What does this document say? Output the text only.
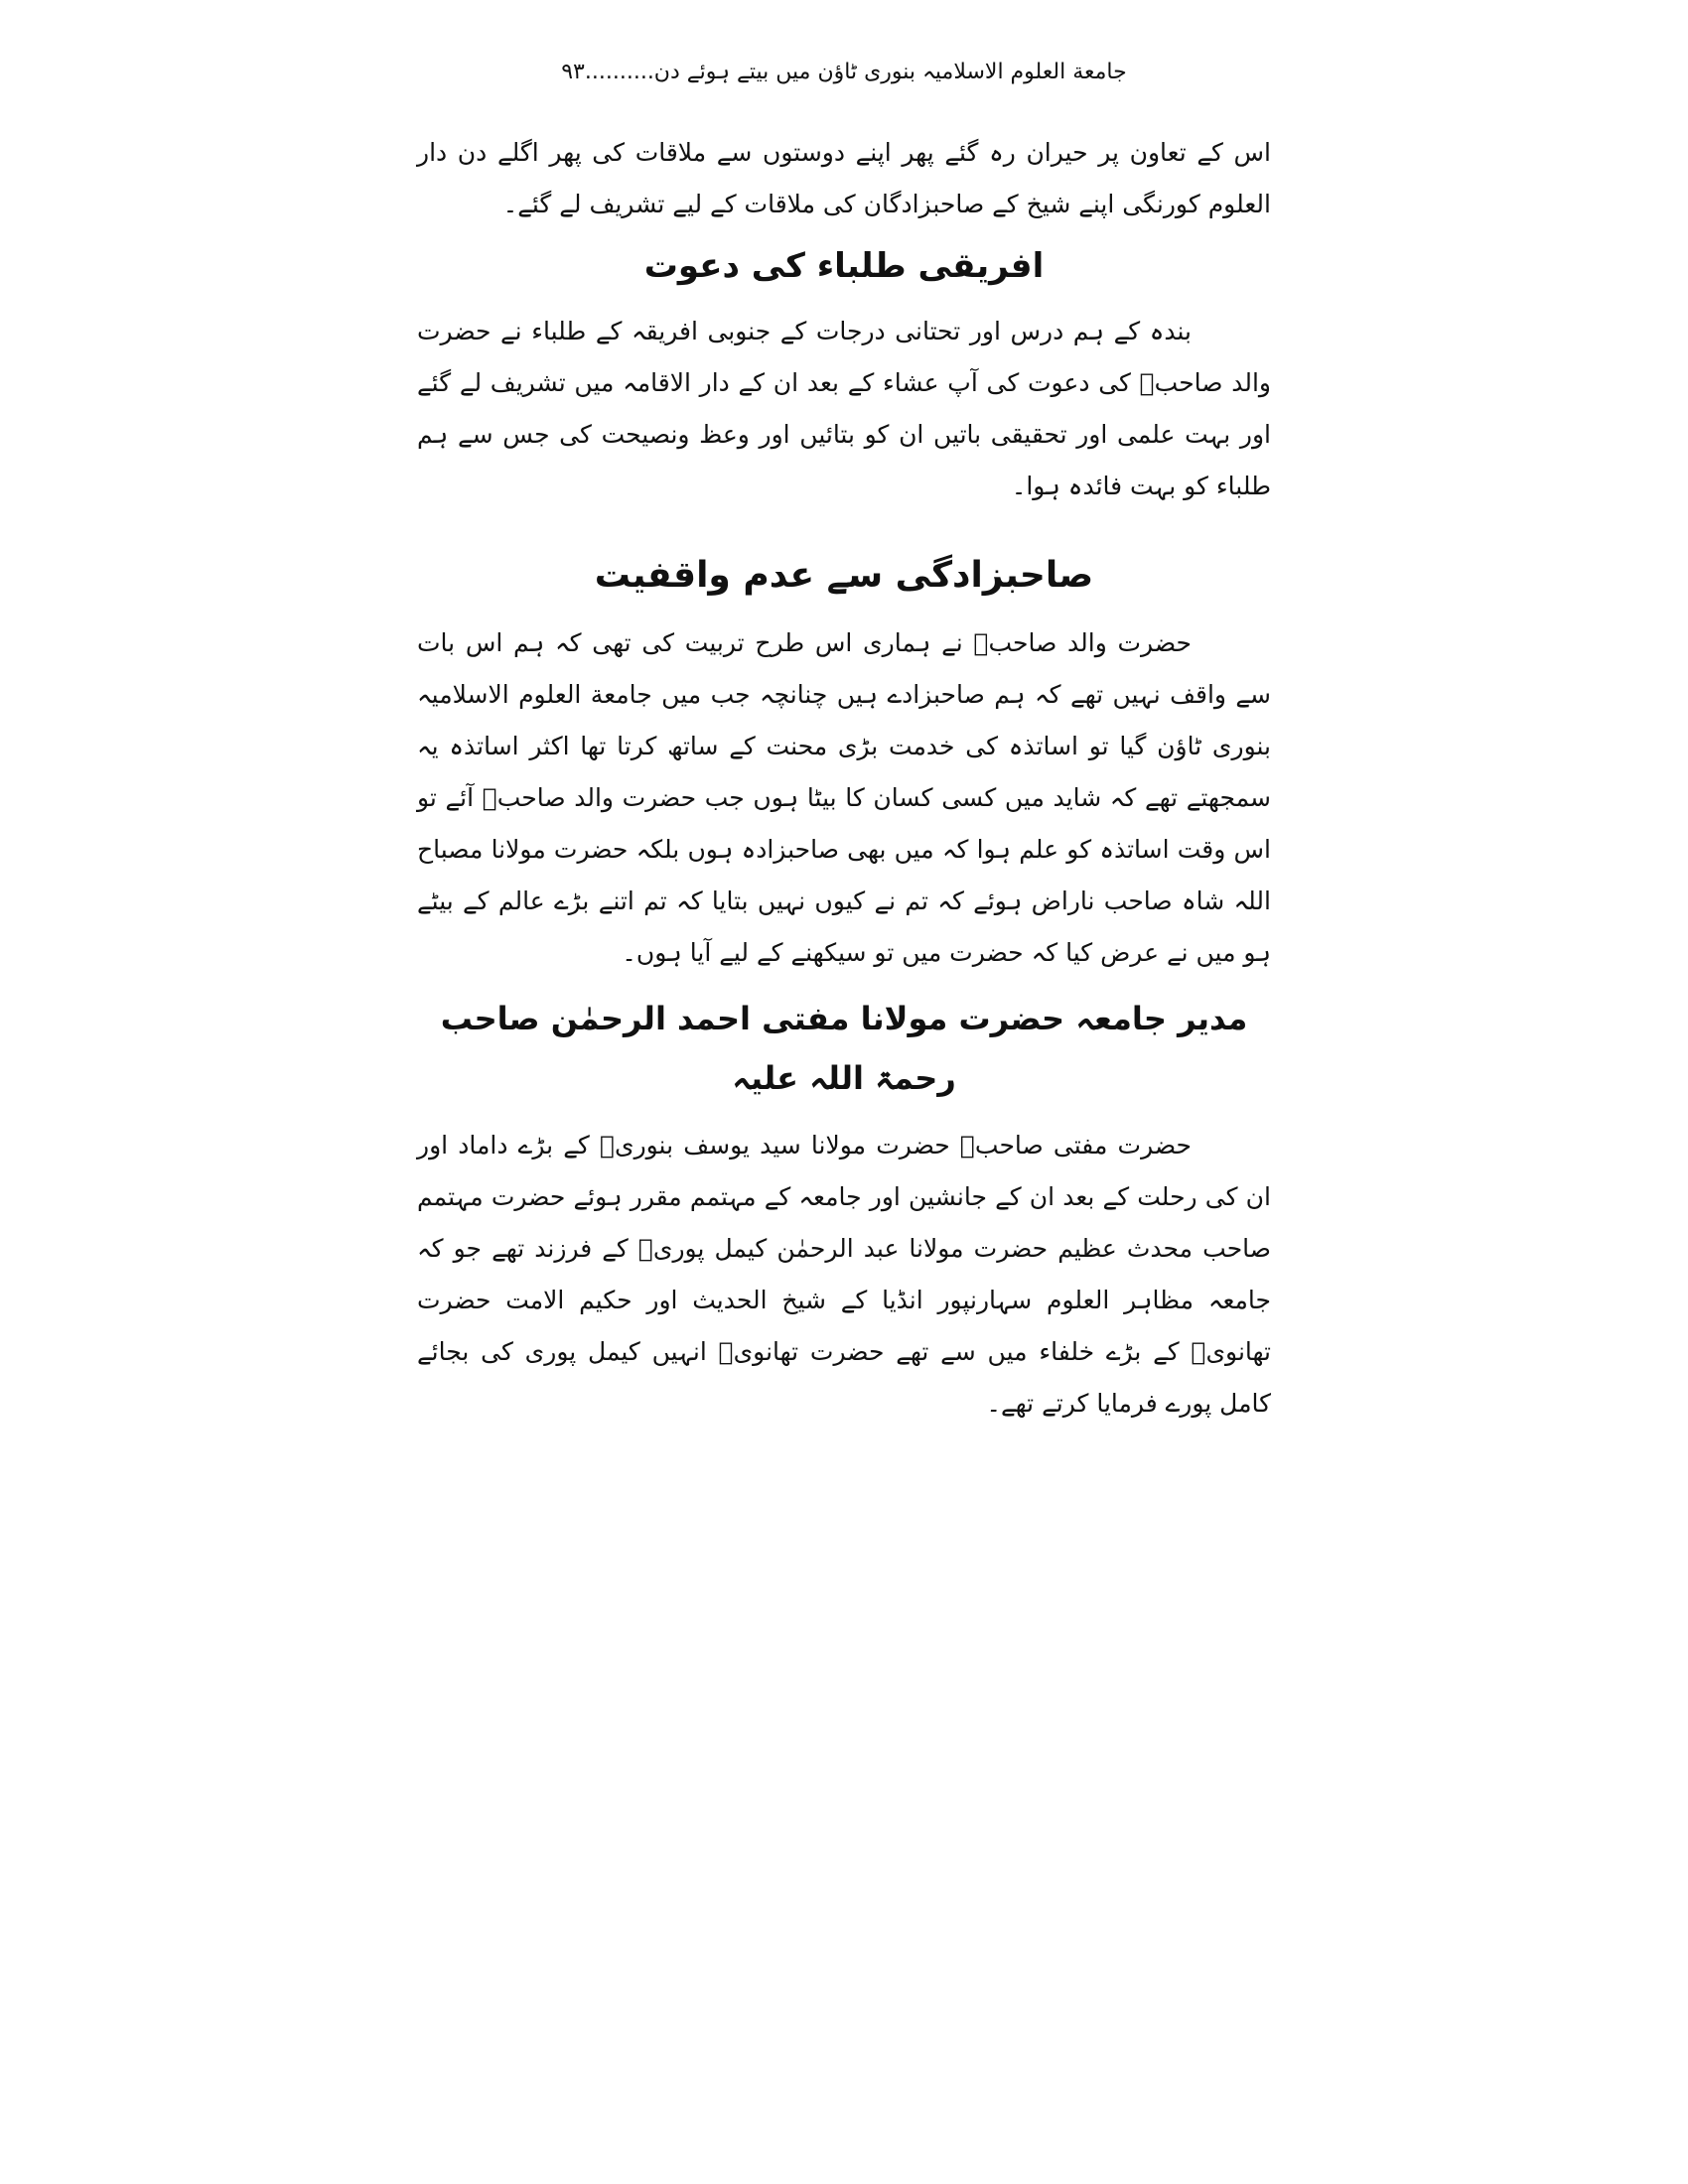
جامعة العلوم الاسلامیہ بنوری ٹاؤن میں بیتے ہوئے دن..........۹۳

اس کے تعاون پر حیران رہ گئے پھر اپنے دوستوں سے ملاقات کی پھر اگلے دن دار العلوم کورنگی اپنے شیخ کے صاحبزادگان کی ملاقات کے لیے تشریف لے گئے۔

افریقی طلباء کی دعوت

بندہ کے ہم درس اور تحتانی درجات کے جنوبی افریقہ کے طلباء نے حضرت والد صاحبؒ کی دعوت کی آپ عشاء کے بعد ان کے دار الاقامہ میں تشریف لے گئے اور بہت علمی اور تحقیقی باتیں ان کو بتائیں اور وعظ ونصیحت کی جس سے ہم طلباء کو بہت فائدہ ہوا۔

صاحبزادگی سے عدم واقفیت

حضرت والد صاحبؒ نے ہماری اس طرح تربیت کی تھی کہ ہم اس بات سے واقف نہیں تھے کہ ہم صاحبزادے ہیں چنانچہ جب میں جامعة العلوم الاسلامیہ بنوری ٹاؤن گیا تو اساتذہ کی خدمت بڑی محنت کے ساتھ کرتا تھا اکثر اساتذہ یہ سمجھتے تھے کہ شاید میں کسی کسان کا بیٹا ہوں جب حضرت والد صاحبؒ آئے تو اس وقت اساتذہ کو علم ہوا کہ میں بھی صاحبزادہ ہوں بلکہ حضرت مولانا مصباح اللہ شاہ صاحب ناراض ہوئے کہ تم نے کیوں نہیں بتایا کہ تم اتنے بڑے عالم کے بیٹے ہو میں نے عرض کیا کہ حضرت میں تو سیکھنے کے لیے آیا ہوں۔

مدیر جامعہ حضرت مولانا مفتی احمد الرحمٰن صاحب رحمۃ اللہ علیہ

حضرت مفتی صاحبؒ حضرت مولانا سید یوسف بنوریؒ کے بڑے داماد اور ان کی رحلت کے بعد ان کے جانشین اور جامعہ کے مہتمم مقرر ہوئے حضرت مہتمم صاحب محدث عظیم حضرت مولانا عبد الرحمٰن کیمل پوریؒ کے فرزند تھے جو کہ جامعہ مظاہر العلوم سہارنپور انڈیا کے شیخ الحدیث اور حکیم الامت حضرت تھانویؒ کے بڑے خلفاء میں سے تھے حضرت تھانویؒ انہیں کیمل پوری کی بجائے کامل پورے فرمایا کرتے تھے۔
